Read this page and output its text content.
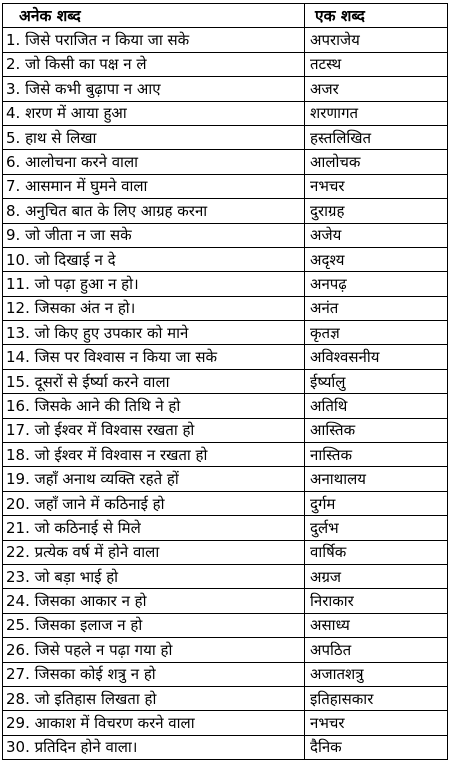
अनेक शब्द	एक शब्द
1. जिसे पराजित न किया जा सके	अपराजेय
2. जो किसी का पक्ष न ले	तटस्थ
3. जिसे कभी बुढ़ापा न आए	अजर
4. शरण में आया हुआ	शरणागत
5. हाथ से लिखा	हस्तलिखित
6. आलोचना करने वाला	आलोचक
7. आसमान में घुमने वाला	नभचर
8. अनुचित बात के लिए आग्रह करना	दुराग्रह
9. जो जीता न जा सके	अजेय
10. जो दिखाई न दे	अदृश्य
11. जो पढ़ा हुआ न हो।	अनपढ़
12. जिसका अंत न हो।	अनंत
13. जो किए हुए उपकार को माने	कृतज्ञ
14. जिस पर विश्वास न किया जा सके	अविश्वसनीय
15. दूसरों से ईर्ष्या करने वाला	ईर्ष्यालु
16. जिसके आने की तिथि ने हो	अतिथि
17. जो ईश्वर में विश्वास रखता हो	आस्तिक
18. जो ईश्वर में विश्वास न रखता हो	नास्तिक
19. जहाँ अनाथ व्यक्ति रहते हों	अनाथालय
20. जहाँ जाने में कठिनाई हो	दुर्गम
21. जो कठिनाई से मिले	दुर्लभ
22. प्रत्येक वर्ष में होने वाला	वार्षिक
23. जो बड़ा भाई हो	अग्रज
24. जिसका आकार न हो	निराकार
25. जिसका इलाज न हो	असाध्य
26. जिसे पहले न पढ़ा गया हो	अपठित
27. जिसका कोई शत्रु न हो	अजातशत्रु
28. जो इतिहास लिखता हो	इतिहासकार
29. आकाश में विचरण करने वाला	नभचर
30. प्रतिदिन होने वाला।	दैनिक
